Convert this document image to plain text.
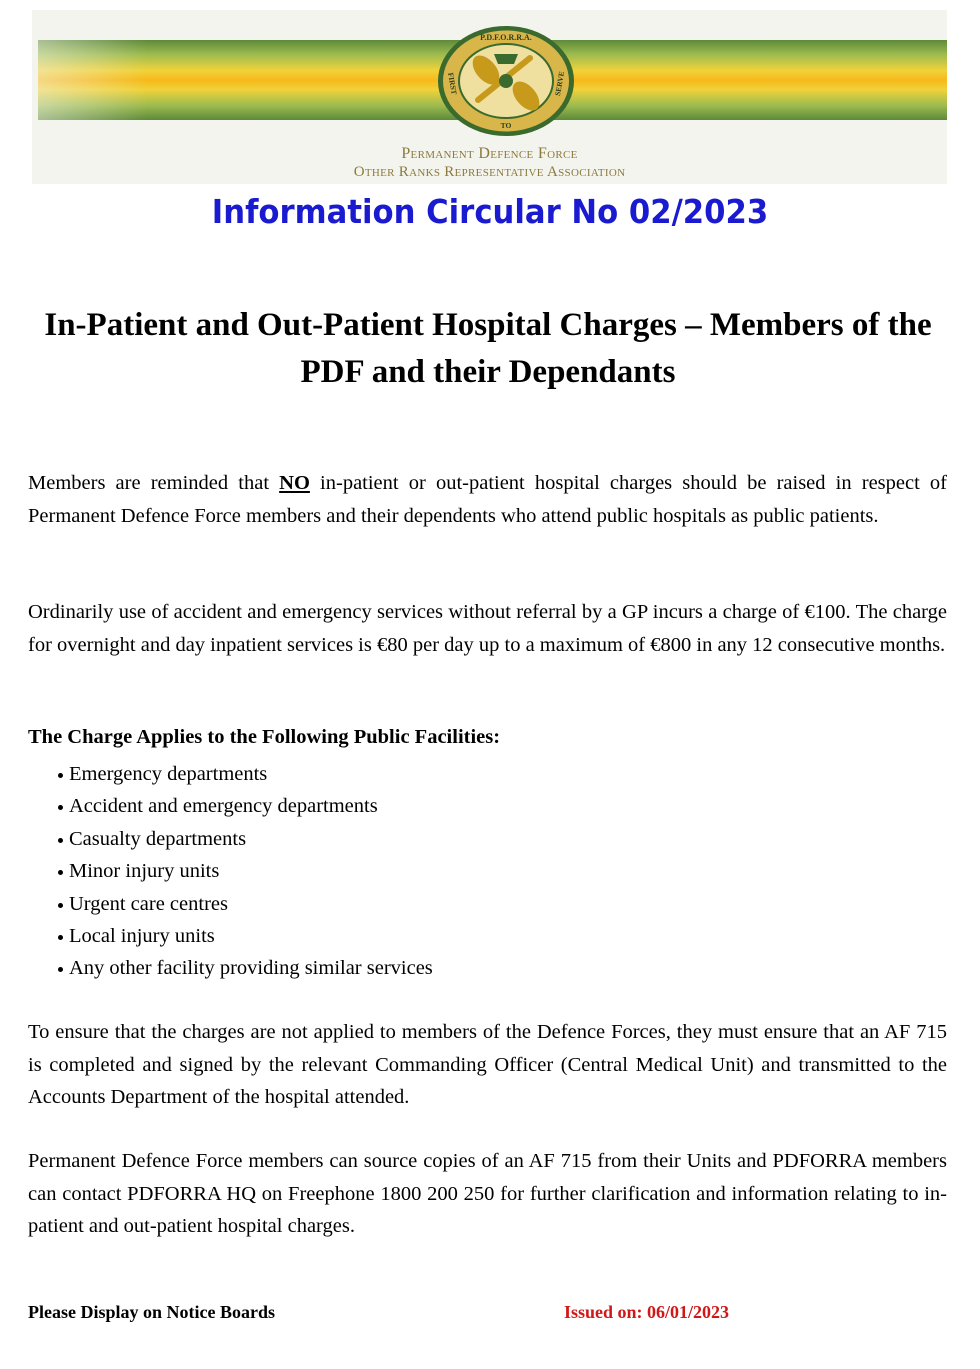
P.D.F.O.R.R.A.
FIRST
TO
SERVE
Permanent Defence Force
Other Ranks Representative Association
Information Circular No 02/2023
In-Patient and Out-Patient Hospital Charges – Members of the PDF and their Dependants

Members are reminded that NO in-patient or out-patient hospital charges should be raised in respect of Permanent Defence Force members and their dependents who attend public hospitals as public patients.

Ordinarily use of accident and emergency services without referral by a GP incurs a charge of €100. The charge for overnight and day inpatient services is €80 per day up to a maximum of €800 in any 12 consecutive months.

The Charge Applies to the Following Public Facilities:

Emergency departments
Accident and emergency departments
Casualty departments
Minor injury units
Urgent care centres
Local injury units
Any other facility providing similar services

To ensure that the charges are not applied to members of the Defence Forces, they must ensure that an AF 715 is completed and signed by the relevant Commanding Officer (Central Medical Unit) and transmitted to the Accounts Department of the hospital attended.

Permanent Defence Force members can source copies of an AF 715 from their Units and PDFORRA members can contact PDFORRA HQ on Freephone 1800 200 250 for further clarification and information relating to in-patient and out-patient hospital charges.

Please Display on Notice Boards	Issued on: 06/01/2023
